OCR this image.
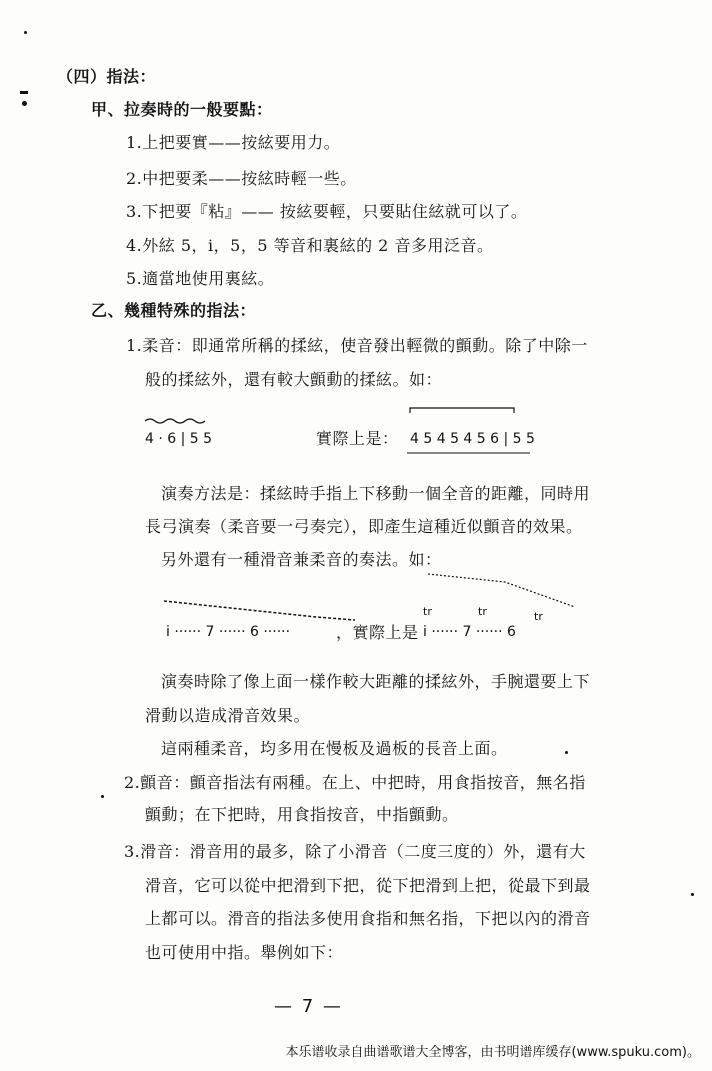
（四）指法：
甲、拉奏時的一般要點：
1.上把要實——按絃要用力。
2.中把要柔——按絃時輕一些。
3.下把要『粘』—— 按絃要輕，只要貼住絃就可以了。
4.外絃 5，i，5，5 等音和裏絃的 2 音多用泛音。
5.適當地使用裏絃。
乙、幾種特殊的指法：
1.柔音：即通常所稱的揉絃，使音發出輕微的顫動。除了中除一
般的揉絃外，還有較大顫動的揉絃。如：
4 · 6 | 5 5	實際上是： 4 5 4 5 4 5 6 | 5 5
演奏方法是：揉絃時手指上下移動一個全音的距離，同時用
長弓演奏（柔音要一弓奏完），即產生這種近似顫音的效果。
另外還有一種滑音兼柔音的奏法。如：
tr	tr	tr
i ······ 7 ······ 6 ······	，實際上是 i ······ 7 ······ 6
演奏時除了像上面一樣作較大距離的揉絃外，手腕還要上下
滑動以造成滑音效果。
這兩種柔音，均多用在慢板及過板的長音上面。
2.顫音：顫音指法有兩種。在上、中把時，用食指按音，無名指
顫動；在下把時，用食指按音，中指顫動。
3.滑音：滑音用的最多，除了小滑音（二度三度的）外，還有大
滑音，它可以從中把滑到下把，從下把滑到上把，從最下到最
上都可以。滑音的指法多使用食指和無名指，下把以內的滑音
也可使用中指。舉例如下：
— 7 —
本乐谱收录自曲谱歌谱大全博客，由书明谱库缓存(www.spuku.com)。
